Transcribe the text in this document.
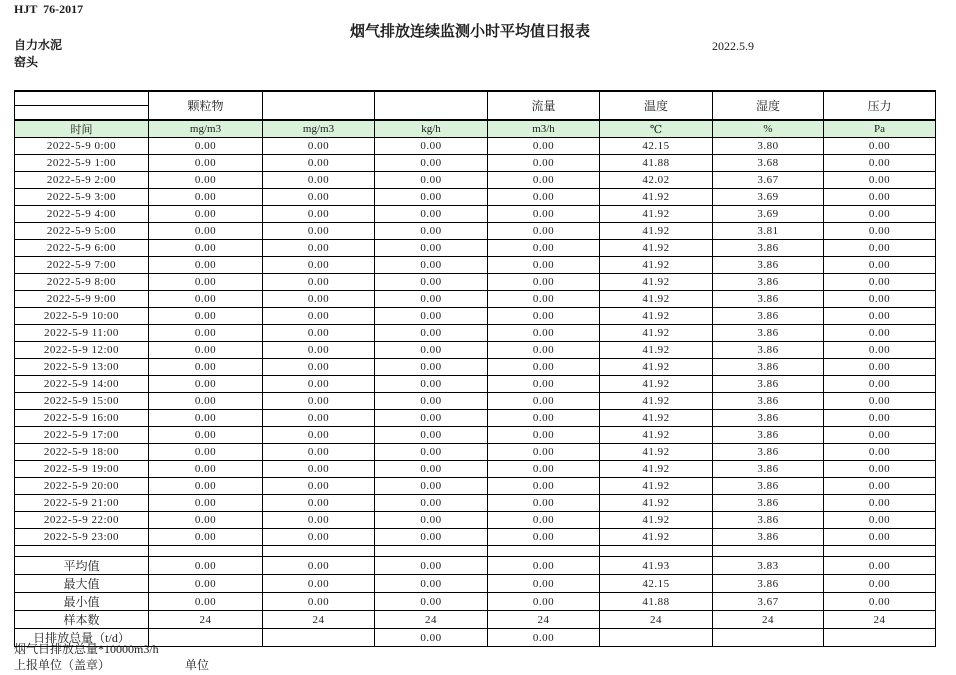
HJT  76-2017
烟气排放连续监测小时平均值日报表
2022.5.9
自力水泥
窑头
	颗粒物			流量	温度	湿度	压力

时间	mg/m3	mg/m3	kg/h	m3/h	℃	%	Pa
2022-5-9 0:00	0.00	0.00	0.00	0.00	42.15	3.80	0.00
2022-5-9 1:00	0.00	0.00	0.00	0.00	41.88	3.68	0.00
2022-5-9 2:00	0.00	0.00	0.00	0.00	42.02	3.67	0.00
2022-5-9 3:00	0.00	0.00	0.00	0.00	41.92	3.69	0.00
2022-5-9 4:00	0.00	0.00	0.00	0.00	41.92	3.69	0.00
2022-5-9 5:00	0.00	0.00	0.00	0.00	41.92	3.81	0.00
2022-5-9 6:00	0.00	0.00	0.00	0.00	41.92	3.86	0.00
2022-5-9 7:00	0.00	0.00	0.00	0.00	41.92	3.86	0.00
2022-5-9 8:00	0.00	0.00	0.00	0.00	41.92	3.86	0.00
2022-5-9 9:00	0.00	0.00	0.00	0.00	41.92	3.86	0.00
2022-5-9 10:00	0.00	0.00	0.00	0.00	41.92	3.86	0.00
2022-5-9 11:00	0.00	0.00	0.00	0.00	41.92	3.86	0.00
2022-5-9 12:00	0.00	0.00	0.00	0.00	41.92	3.86	0.00
2022-5-9 13:00	0.00	0.00	0.00	0.00	41.92	3.86	0.00
2022-5-9 14:00	0.00	0.00	0.00	0.00	41.92	3.86	0.00
2022-5-9 15:00	0.00	0.00	0.00	0.00	41.92	3.86	0.00
2022-5-9 16:00	0.00	0.00	0.00	0.00	41.92	3.86	0.00
2022-5-9 17:00	0.00	0.00	0.00	0.00	41.92	3.86	0.00
2022-5-9 18:00	0.00	0.00	0.00	0.00	41.92	3.86	0.00
2022-5-9 19:00	0.00	0.00	0.00	0.00	41.92	3.86	0.00
2022-5-9 20:00	0.00	0.00	0.00	0.00	41.92	3.86	0.00
2022-5-9 21:00	0.00	0.00	0.00	0.00	41.92	3.86	0.00
2022-5-9 22:00	0.00	0.00	0.00	0.00	41.92	3.86	0.00
2022-5-9 23:00	0.00	0.00	0.00	0.00	41.92	3.86	0.00

平均值	0.00	0.00	0.00	0.00	41.93	3.83	0.00
最大值	0.00	0.00	0.00	0.00	42.15	3.86	0.00
最小值	0.00	0.00	0.00	0.00	41.88	3.67	0.00
样本数	24	24	24	24	24	24	24
日排放总量（t/d）			0.00	0.00			
烟气日排放总量*10000m3/h
上报单位（盖章）	单位
